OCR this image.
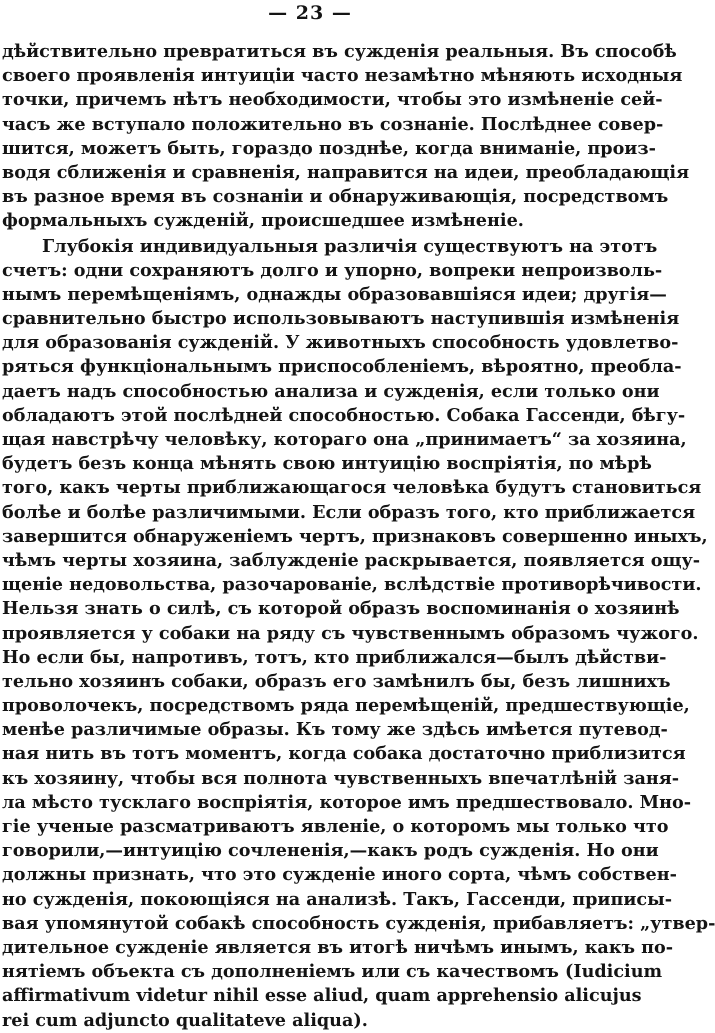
— 23 —
дѣйствительно превратиться въ сужденія реальныя. Въ способѣ
своего проявленія интуиціи часто незамѣтно мѣняють исходныя
точки, причемъ нѣтъ необходимости, чтобы это измѣненіе сей-
часъ же вступало положительно въ сознаніе. Послѣднее совер-
шится, можетъ быть, гораздо позднѣе, когда вниманіе, произ-
водя сближенія и сравненія, направится на идеи, преобладающія
въ разное время въ сознаніи и обнаруживающія, посредствомъ
формальныхъ сужденій, происшедшее измѣненіе.
Глубокія индивидуальныя различія существуютъ на этотъ
счетъ: одни сохраняютъ долго и упорно, вопреки непроизволь-
нымъ перемѣщеніямъ, однажды образовавшіяся идеи; другія—
сравнительно быстро использовываютъ наступившія измѣненія
для образованія сужденій. У животныхъ способность удовлетво-
ряться функціональнымъ приспособленіемъ, вѣроятно, преобла-
даетъ надъ способностью анализа и сужденія, если только они
обладаютъ этой послѣдней способностью. Собака Гассенди, бѣгу-
щая навстрѣчу человѣку, котораго она „принимаетъ“ за хозяина,
будетъ безъ конца мѣнять свою интуицію воспріятія, по мѣрѣ
того, какъ черты приближающагося человѣка будутъ становиться
болѣе и болѣе различимыми. Если образъ того, кто приближается
завершится обнаруженіемъ чертъ, признаковъ совершенно иныхъ,
чѣмъ черты хозяина, заблужденіе раскрывается, появляется ощу-
щеніе недовольства, разочарованіе, вслѣдствіе противорѣчивости.
Нельзя знать о силѣ, съ которой образъ воспоминанія о хозяинѣ
проявляется у собаки на ряду съ чувственнымъ образомъ чужого.
Но если бы, напротивъ, тотъ, кто приближался—былъ дѣйстви-
тельно хозяинъ собаки, образъ его замѣнилъ бы, безъ лишнихъ
проволочекъ, посредствомъ ряда перемѣщеній, предшествующіе,
менѣе различимые образы. Къ тому же здѣсь имѣется путевод-
ная нить въ тотъ моментъ, когда собака достаточно приблизится
къ хозяину, чтобы вся полнота чувственныхъ впечатлѣній заня-
ла мѣсто тусклаго воспріятія, которое имъ предшествовало. Мно-
гіе ученые разсматриваютъ явленіе, о которомъ мы только что
говорили,—интуицію сочлененія,—какъ родъ сужденія. Но они
должны признать, что это сужденіе иного сорта, чѣмъ собствен-
но сужденія, покоющіяся на анализѣ. Такъ, Гассенди, приписы-
вая упомянутой собакѣ способность сужденія, прибавляетъ: „утвер-
дительное сужденіе является въ итогѣ ничѣмъ инымъ, какъ по-
нятіемъ объекта съ дополненіемъ или съ качествомъ (Iudicium
affirmativum videtur nihil esse aliud, quam apprehensio alicujus
rei cum adjuncto qualitateve aliqua).
